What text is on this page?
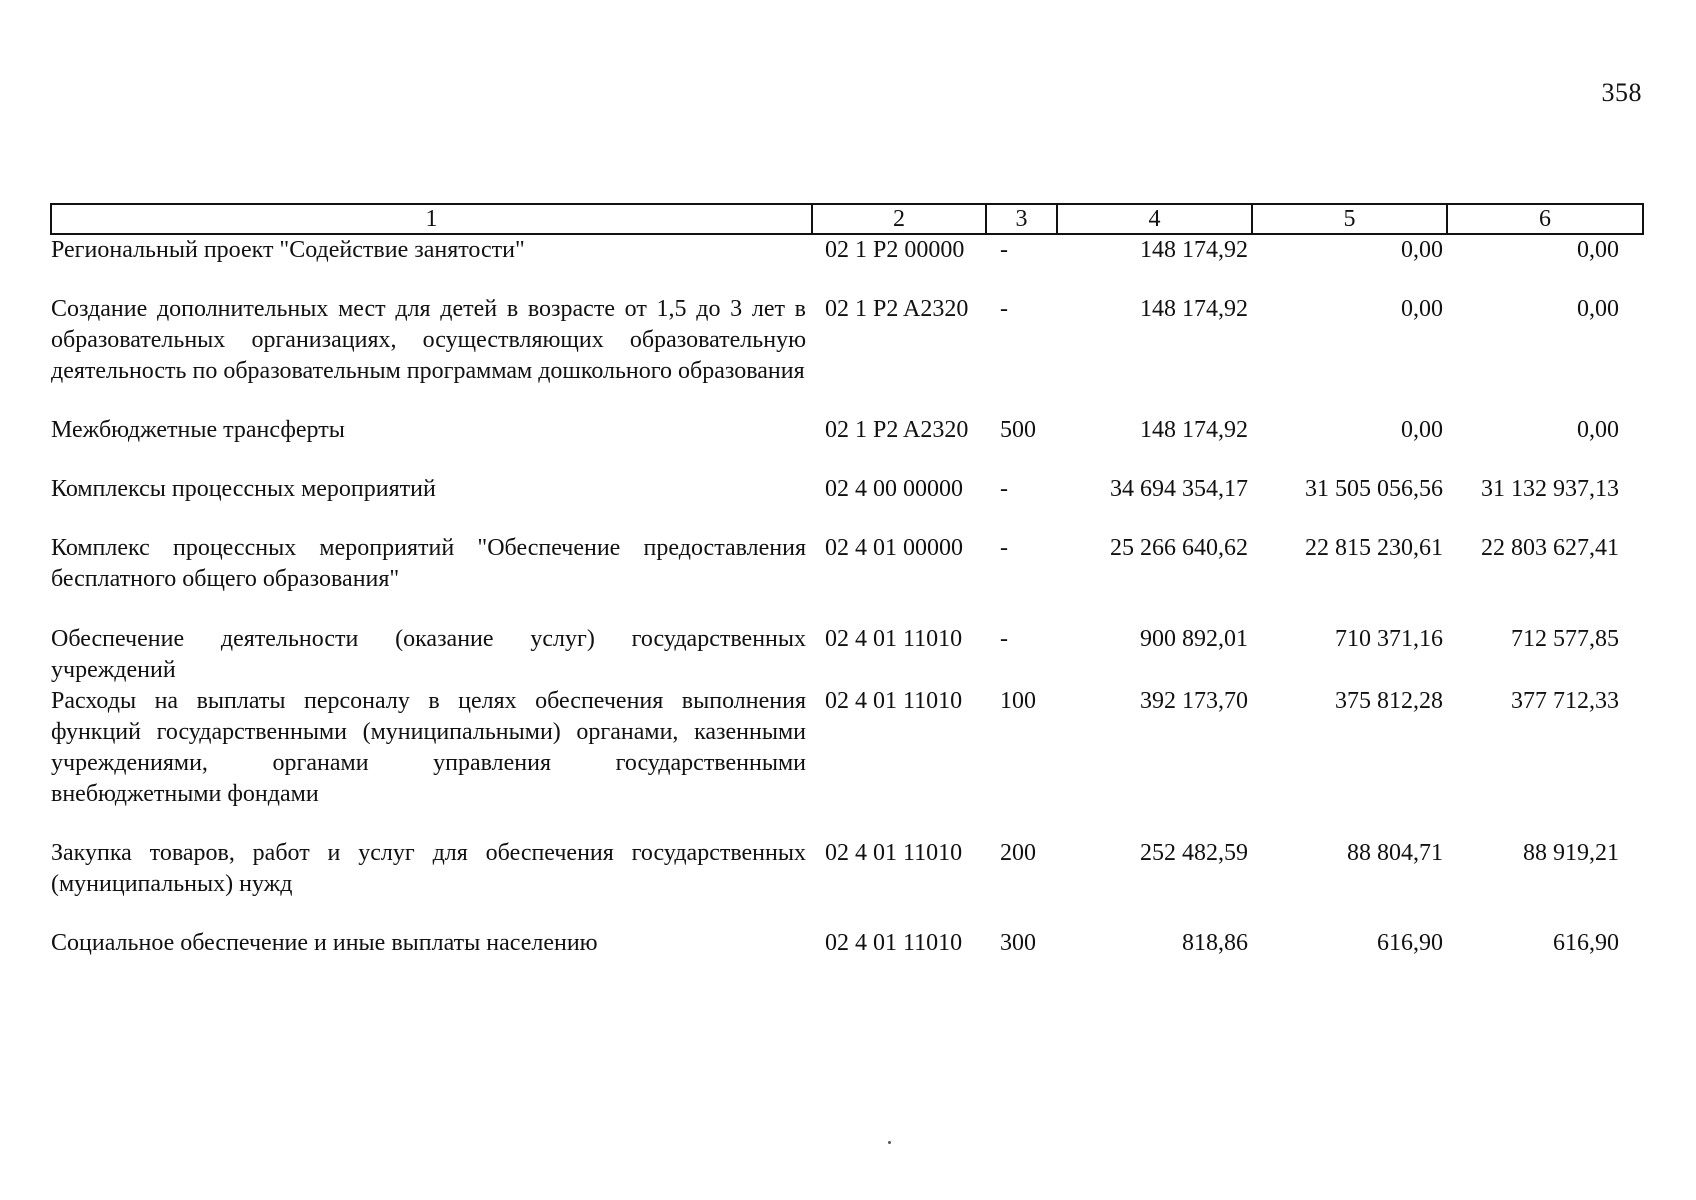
358
1	2	3	4	5	6
Региональный проект "Содействие занятости"	02 1 P2 00000	-	148 174,92	0,00	0,00
Создание дополнительных мест для детей в возрасте от 1,5 до 3 лет в образовательных организациях, осуществляющих образовательную деятельность по образовательным программам дошкольного образования	02 1 P2 A2320	-	148 174,92	0,00	0,00
Межбюджетные трансферты	02 1 P2 A2320	500	148 174,92	0,00	0,00
Комплексы процессных мероприятий	02 4 00 00000	-	34 694 354,17	31 505 056,56	31 132 937,13
Комплекс процессных мероприятий "Обеспечение предоставления бесплатного общего образования"	02 4 01 00000	-	25 266 640,62	22 815 230,61	22 803 627,41
Обеспечение деятельности (оказание услуг) государственных учреждений	02 4 01 11010	-	900 892,01	710 371,16	712 577,85
Расходы на выплаты персоналу в целях обеспечения выполнения функций государственными (муниципальными) органами, казенными учреждениями, органами управления государственными внебюджетными фондами	02 4 01 11010	100	392 173,70	375 812,28	377 712,33
Закупка товаров, работ и услуг для обеспечения государственных (муниципальных) нужд	02 4 01 11010	200	252 482,59	88 804,71	88 919,21
Социальное обеспечение и иные выплаты населению	02 4 01 11010	300	818,86	616,90	616,90
